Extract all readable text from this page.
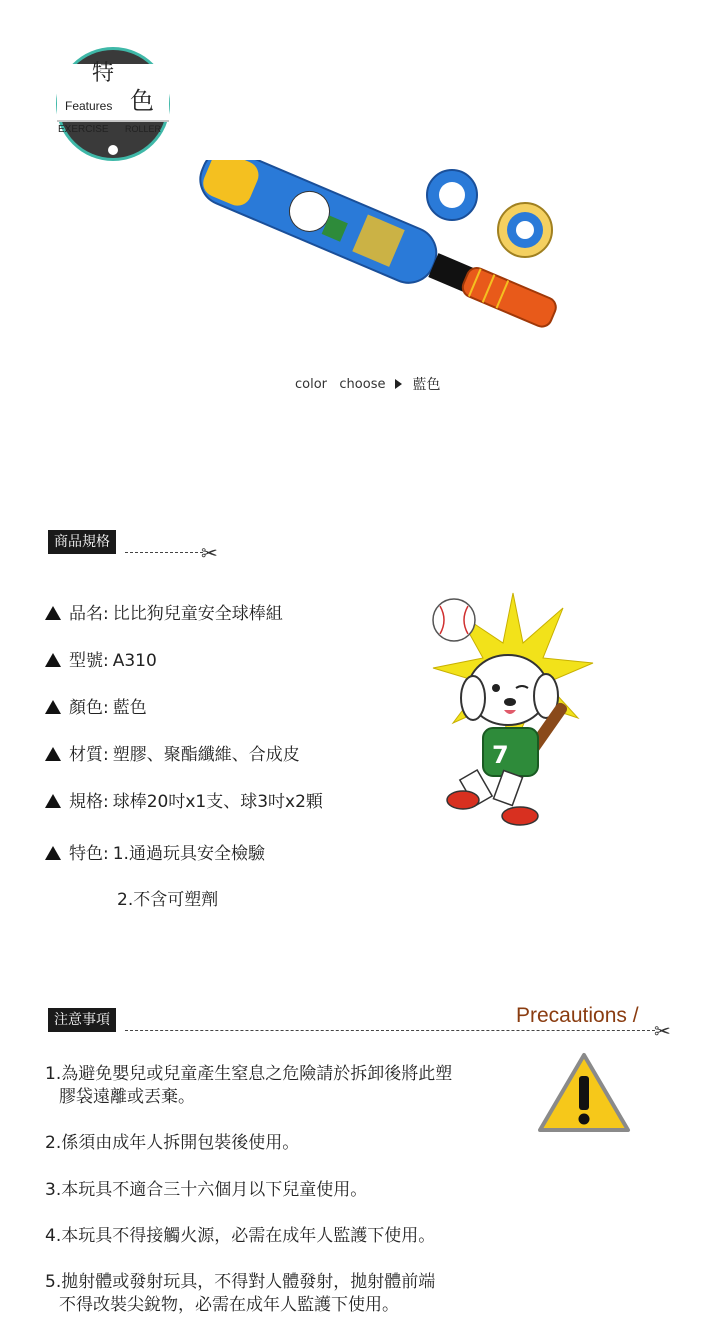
特
色
Features
EXERCISE ROLLER
color   choose 藍色
商品規格	✂
品名: 比比狗兒童安全球棒組
型號: A310
顏色: 藍色
材質: 塑膠、聚酯纖維、合成皮
規格: 球棒20吋x1支、球3吋x2顆
特色: 1.通過玩具安全檢驗
2.不含可塑劑
7
注意事項	Precautions /
✂
1.為避免嬰兒或兒童產生窒息之危險請於拆卸後將此塑
膠袋遠離或丟棄。
2.係須由成年人拆開包裝後使用。
3.本玩具不適合三十六個月以下兒童使用。
4.本玩具不得接觸火源，必需在成年人監護下使用。
5.拋射體或發射玩具，不得對人體發射，拋射體前端
不得改裝尖銳物，必需在成年人監護下使用。
